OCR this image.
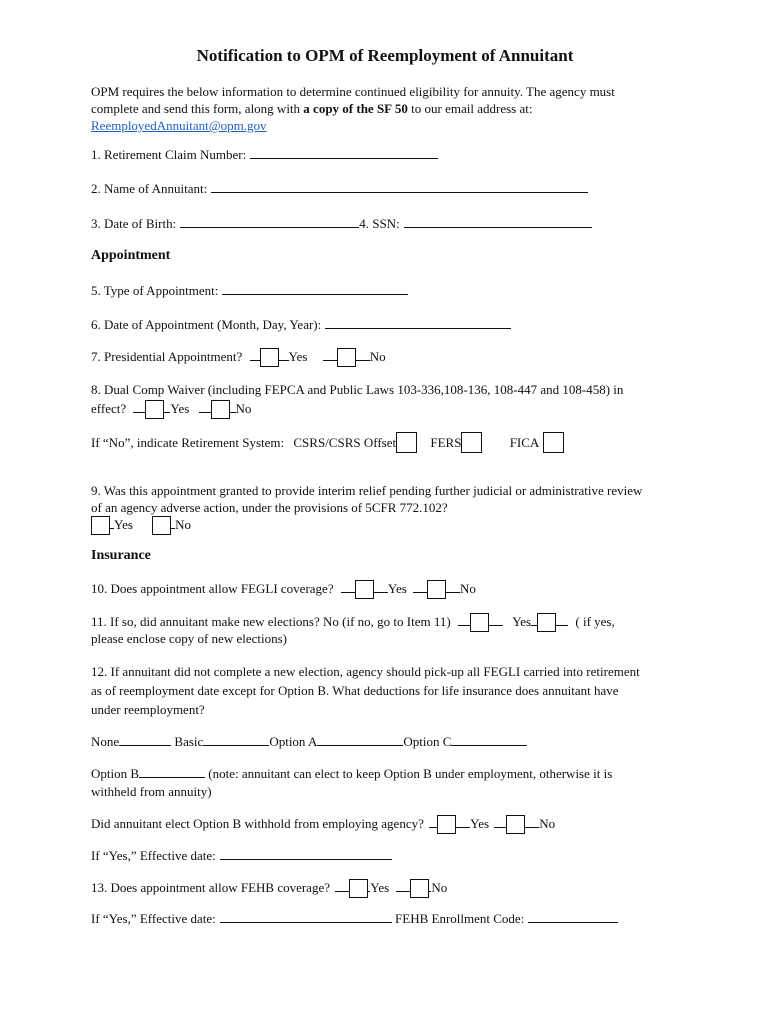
Notification to OPM of Reemployment of Annuitant
OPM requires the below information to determine continued eligibility for annuity. The agency must
complete and send this form, along with a copy of the SF 50 to our email address at:
ReemployedAnnuitant@opm.gov
1. Retirement Claim Number:
2. Name of Annuitant:
3. Date of Birth:	4. SSN:
Appointment
5. Type of Appointment:
6. Date of Appointment (Month, Day, Year):
7. Presidential Appointment?	Yes	No
8. Dual Comp Waiver (including FEPCA and Public Laws 103-336,108-136, 108-447 and 108-458) in
effect?	Yes	No
If “No”, indicate Retirement System: CSRS/CSRS Offset	FERS	FICA
9. Was this appointment granted to provide interim relief pending further judicial or administrative review
of an agency adverse action, under the provisions of 5CFR 772.102?
Yes	No
Insurance
10. Does appointment allow FEGLI coverage?	Yes	No
11. If so, did annuitant make new elections? No (if no, go to Item 11)	Yes	( if yes,
please enclose copy of new elections)
12. If annuitant did not complete a new election, agency should pick-up all FEGLI carried into retirement
as of reemployment date except for Option B. What deductions for life insurance does annuitant have
under reemployment?
None	Basic	Option A	Option C
Option B	(note: annuitant can elect to keep Option B under employment, otherwise it is
withheld from annuity)
Did annuitant elect Option B withhold from employing agency?	Yes	No
If “Yes,” Effective date:
13. Does appointment allow FEHB coverage?	Yes	No
If “Yes,” Effective date:	FEHB Enrollment Code:
